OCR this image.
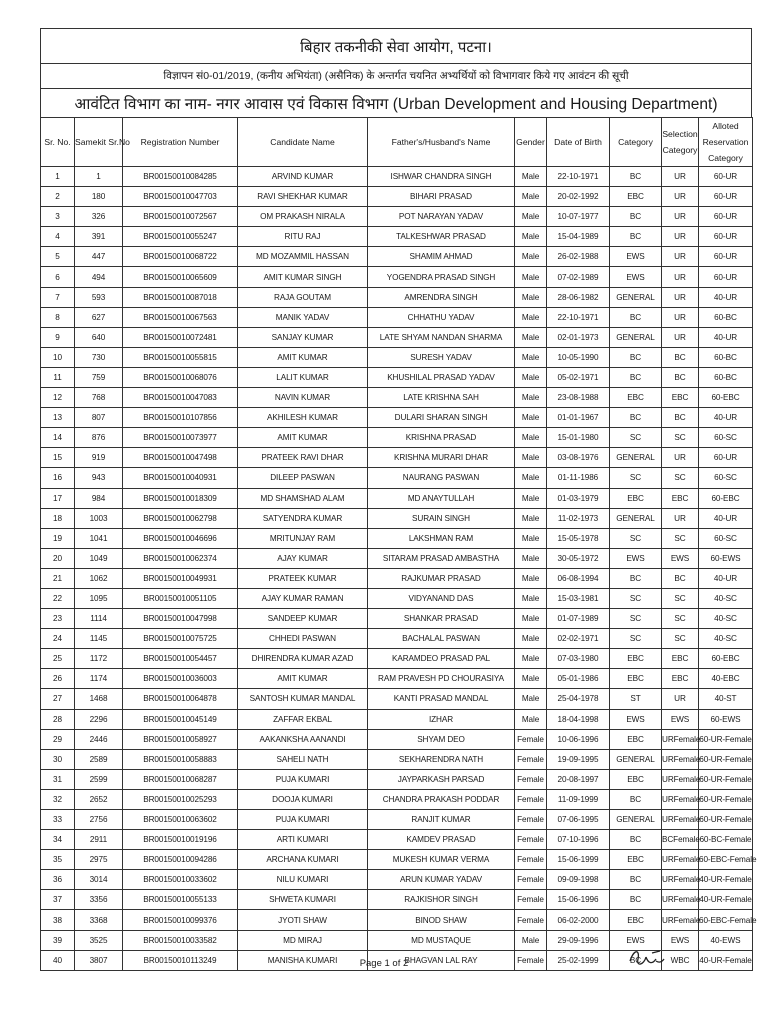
बिहार तकनीकी सेवा आयोग, पटना।
विज्ञापन सं0-01/2019, (कनीय अभियंता) (असैनिक) के अन्तर्गत चयनित अभ्यर्थियों को विभागवार किये गए आवंटन की सूची
आवंटित विभाग का नाम- नगर आवास एवं विकास विभाग (Urban Development and Housing Department)
Sr. No.	Samekit Sr.No	Registration Number	Candidate Name	Father's/Husband's Name	Gender	Date of Birth	Category	Selection Category	Alloted Reservation Category
1	1	BR00150010084285	ARVIND KUMAR	ISHWAR CHANDRA SINGH	Male	22-10-1971	BC	UR	60-UR
2	180	BR00150010047703	RAVI SHEKHAR KUMAR	BIHARI PRASAD	Male	20-02-1992	EBC	UR	60-UR
3	326	BR00150010072567	OM PRAKASH NIRALA	POT NARAYAN YADAV	Male	10-07-1977	BC	UR	60-UR
4	391	BR00150010055247	RITU RAJ	TALKESHWAR PRASAD	Male	15-04-1989	BC	UR	60-UR
5	447	BR00150010068722	MD MOZAMMIL HASSAN	SHAMIM AHMAD	Male	26-02-1988	EWS	UR	60-UR
6	494	BR00150010065609	AMIT KUMAR SINGH	YOGENDRA PRASAD SINGH	Male	07-02-1989	EWS	UR	60-UR
7	593	BR00150010087018	RAJA GOUTAM	AMRENDRA SINGH	Male	28-06-1982	GENERAL	UR	40-UR
8	627	BR00150010067563	MANIK YADAV	CHHATHU YADAV	Male	22-10-1971	BC	UR	60-BC
9	640	BR00150010072481	SANJAY KUMAR	LATE SHYAM NANDAN SHARMA	Male	02-01-1973	GENERAL	UR	40-UR
10	730	BR00150010055815	AMIT KUMAR	SURESH YADAV	Male	10-05-1990	BC	BC	60-BC
11	759	BR00150010068076	LALIT KUMAR	KHUSHILAL PRASAD YADAV	Male	05-02-1971	BC	BC	60-BC
12	768	BR00150010047083	NAVIN KUMAR	LATE KRISHNA SAH	Male	23-08-1988	EBC	EBC	60-EBC
13	807	BR00150010107856	AKHILESH KUMAR	DULARI SHARAN SINGH	Male	01-01-1967	BC	BC	40-UR
14	876	BR00150010073977	AMIT KUMAR	KRISHNA PRASAD	Male	15-01-1980	SC	SC	60-SC
15	919	BR00150010047498	PRATEEK RAVI DHAR	KRISHNA MURARI DHAR	Male	03-08-1976	GENERAL	UR	60-UR
16	943	BR00150010040931	DILEEP PASWAN	NAURANG PASWAN	Male	01-11-1986	SC	SC	60-SC
17	984	BR00150010018309	MD SHAMSHAD ALAM	MD ANAYTULLAH	Male	01-03-1979	EBC	EBC	60-EBC
18	1003	BR00150010062798	SATYENDRA KUMAR	SURAIN SINGH	Male	11-02-1973	GENERAL	UR	40-UR
19	1041	BR00150010046696	MRITUNJAY RAM	LAKSHMAN RAM	Male	15-05-1978	SC	SC	60-SC
20	1049	BR00150010062374	AJAY KUMAR	SITARAM PRASAD AMBASTHA	Male	30-05-1972	EWS	EWS	60-EWS
21	1062	BR00150010049931	PRATEEK KUMAR	RAJKUMAR PRASAD	Male	06-08-1994	BC	BC	40-UR
22	1095	BR00150010051105	AJAY KUMAR RAMAN	VIDYANAND DAS	Male	15-03-1981	SC	SC	40-SC
23	1114	BR00150010047998	SANDEEP KUMAR	SHANKAR PRASAD	Male	01-07-1989	SC	SC	40-SC
24	1145	BR00150010075725	CHHEDI PASWAN	BACHALAL PASWAN	Male	02-02-1971	SC	SC	40-SC
25	1172	BR00150010054457	DHIRENDRA KUMAR AZAD	KARAMDEO PRASAD PAL	Male	07-03-1980	EBC	EBC	60-EBC
26	1174	BR00150010036003	AMIT KUMAR	RAM PRAVESH PD CHOURASIYA	Male	05-01-1986	EBC	EBC	40-EBC
27	1468	BR00150010064878	SANTOSH KUMAR MANDAL	KANTI PRASAD MANDAL	Male	25-04-1978	ST	UR	40-ST
28	2296	BR00150010045149	ZAFFAR EKBAL	IZHAR	Male	18-04-1998	EWS	EWS	60-EWS
29	2446	BR00150010058927	AAKANKSHA AANANDI	SHYAM DEO	Female	10-06-1996	EBC	URFemale	60-UR-Female
30	2589	BR00150010058883	SAHELI NATH	SEKHARENDRA NATH	Female	19-09-1995	GENERAL	URFemale	60-UR-Female
31	2599	BR00150010068287	PUJA KUMARI	JAYPARKASH PARSAD	Female	20-08-1997	EBC	URFemale	60-UR-Female
32	2652	BR00150010025293	DOOJA KUMARI	CHANDRA PRAKASH PODDAR	Female	11-09-1999	BC	URFemale	60-UR-Female
33	2756	BR00150010063602	PUJA KUMARI	RANJIT KUMAR	Female	07-06-1995	GENERAL	URFemale	60-UR-Female
34	2911	BR00150010019196	ARTI KUMARI	KAMDEV PRASAD	Female	07-10-1996	BC	BCFemale	60-BC-Female
35	2975	BR00150010094286	ARCHANA KUMARI	MUKESH KUMAR VERMA	Female	15-06-1999	EBC	URFemale	60-EBC-Female
36	3014	BR00150010033602	NILU KUMARI	ARUN KUMAR YADAV	Female	09-09-1998	BC	URFemale	40-UR-Female
37	3356	BR00150010055133	SHWETA KUMARI	RAJKISHOR SINGH	Female	15-06-1996	BC	URFemale	40-UR-Female
38	3368	BR00150010099376	JYOTI SHAW	BINOD SHAW	Female	06-02-2000	EBC	URFemale	60-EBC-Female
39	3525	BR00150010033582	MD MIRAJ	MD MUSTAQUE	Male	29-09-1996	EWS	EWS	40-EWS
40	3807	BR00150010113249	MANISHA KUMARI	BHAGVAN LAL RAY	Female	25-02-1999	BC	WBC	40-UR-Female
Page 1 of 2
